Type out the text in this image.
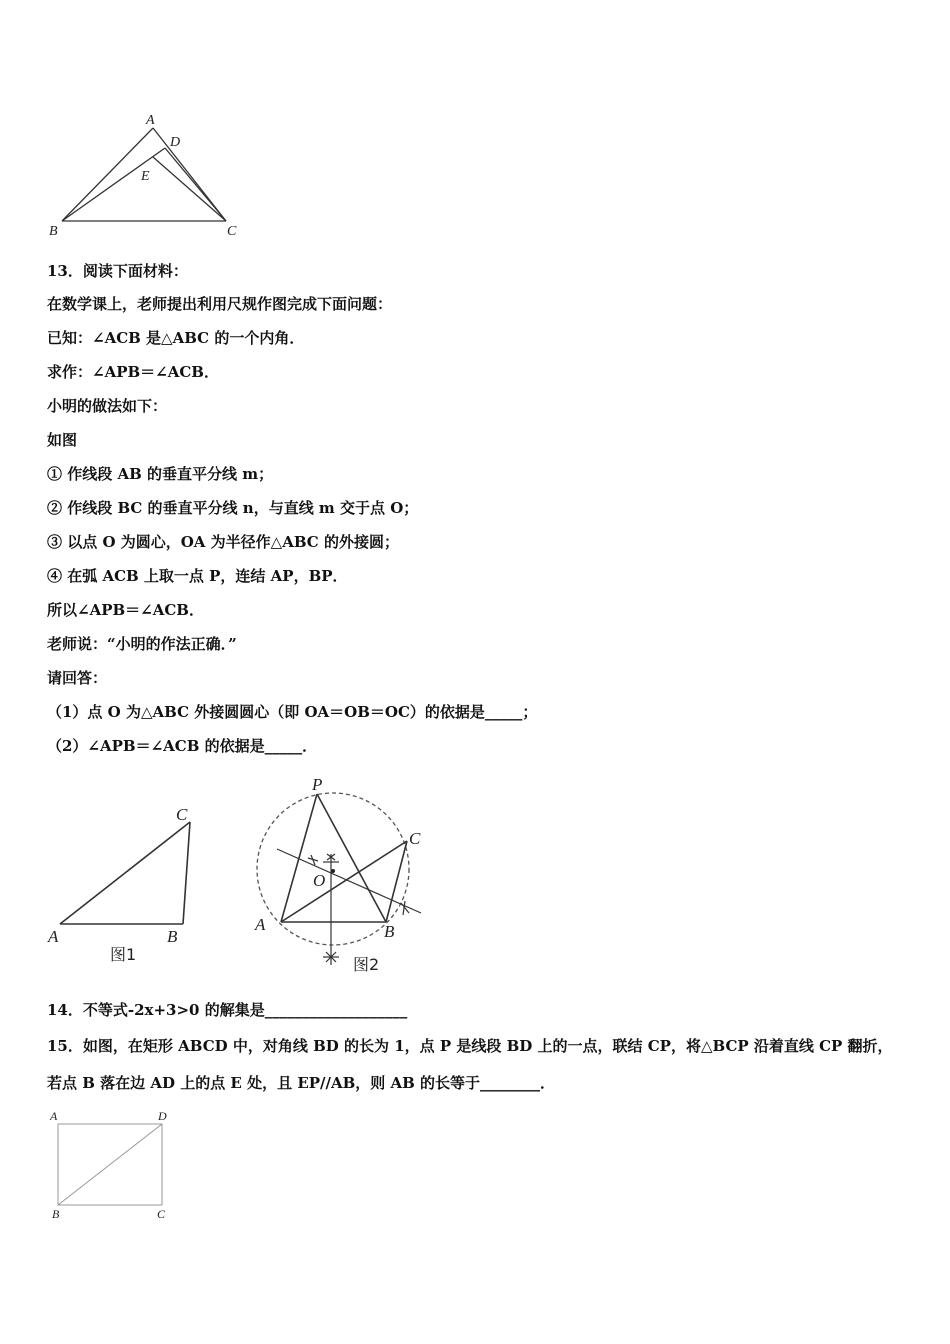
A
D
E
B	C
13．阅读下面材料：
在数学课上，老师提出利用尺规作图完成下面问题：
已知：∠ACB 是△ABC 的一个内角．
求作：∠APB＝∠ACB．
小明的做法如下：
如图
① 作线段 AB 的垂直平分线 m；
② 作线段 BC 的垂直平分线 n，与直线 m 交于点 O；
③ 以点 O 为圆心，OA 为半径作△ABC 的外接圆；
④ 在弧 ACB 上取一点 P，连结 AP，BP．
所以∠APB＝∠ACB．
老师说：“小明的作法正确．”
请回答：
（1）点 O 为△ABC 外接圆圆心（即 OA＝OB＝OC）的依据是_____；
（2）∠APB＝∠ACB 的依据是_____．
C
A	B
图1
P
C
O
A	B
图2
14．不等式-2x+3>0 的解集是___________________
15．如图，在矩形 ABCD 中，对角线 BD 的长为 1，点 P 是线段 BD 上的一点，联结 CP，将△BCP 沿着直线 CP 翻折，
若点 B 落在边 AD 上的点 E 处，且 EP//AB，则 AB 的长等于________．
A	D
B	C
